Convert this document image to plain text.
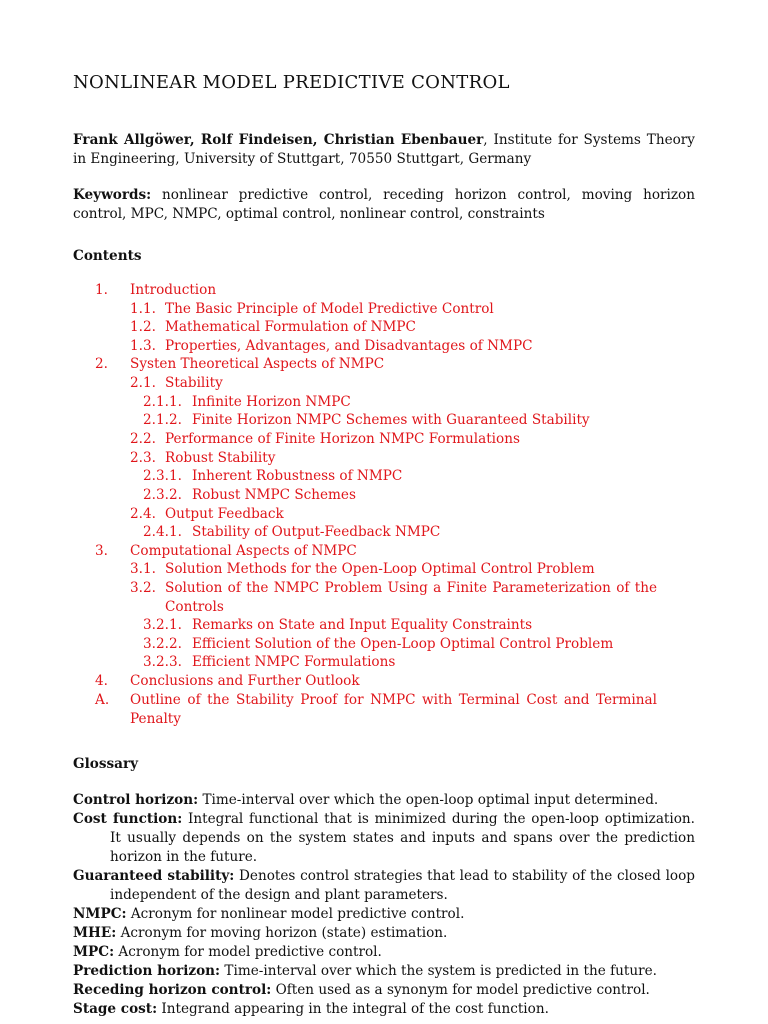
NONLINEAR MODEL PREDICTIVE CONTROL
Frank Allgöwer, Rolf Findeisen, Christian Ebenbauer, Institute for Systems Theory in Engineering, University of Stuttgart, 70550 Stuttgart, Germany
Keywords: nonlinear predictive control, receding horizon control, moving horizon control, MPC, NMPC, optimal control, nonlinear control, constraints
Contents
1. Introduction
1.1. The Basic Principle of Model Predictive Control
1.2. Mathematical Formulation of NMPC
1.3. Properties, Advantages, and Disadvantages of NMPC
2. Systen Theoretical Aspects of NMPC
2.1. Stability
2.1.1. Infinite Horizon NMPC
2.1.2. Finite Horizon NMPC Schemes with Guaranteed Stability
2.2. Performance of Finite Horizon NMPC Formulations
2.3. Robust Stability
2.3.1. Inherent Robustness of NMPC
2.3.2. Robust NMPC Schemes
2.4. Output Feedback
2.4.1. Stability of Output-Feedback NMPC
3. Computational Aspects of NMPC
3.1. Solution Methods for the Open-Loop Optimal Control Problem
3.2. Solution of the NMPC Problem Using a Finite Parameterization of the Controls
3.2.1. Remarks on State and Input Equality Constraints
3.2.2. Efficient Solution of the Open-Loop Optimal Control Problem
3.2.3. Efficient NMPC Formulations
4. Conclusions and Further Outlook
A.	Outline of the Stability Proof for NMPC with Terminal Cost and Terminal Penalty
Glossary
Control horizon: Time-interval over which the open-loop optimal input determined.
Cost function: Integral functional that is minimized during the open-loop optimization. It usually depends on the system states and inputs and spans over the prediction horizon in the future.
Guaranteed stability: Denotes control strategies that lead to stability of the closed loop independent of the design and plant parameters.
NMPC: Acronym for nonlinear model predictive control.
MHE: Acronym for moving horizon (state) estimation.
MPC: Acronym for model predictive control.
Prediction horizon: Time-interval over which the system is predicted in the future.
Receding horizon control: Often used as a synonym for model predictive control.
Stage cost: Integrand appearing in the integral of the cost function.
